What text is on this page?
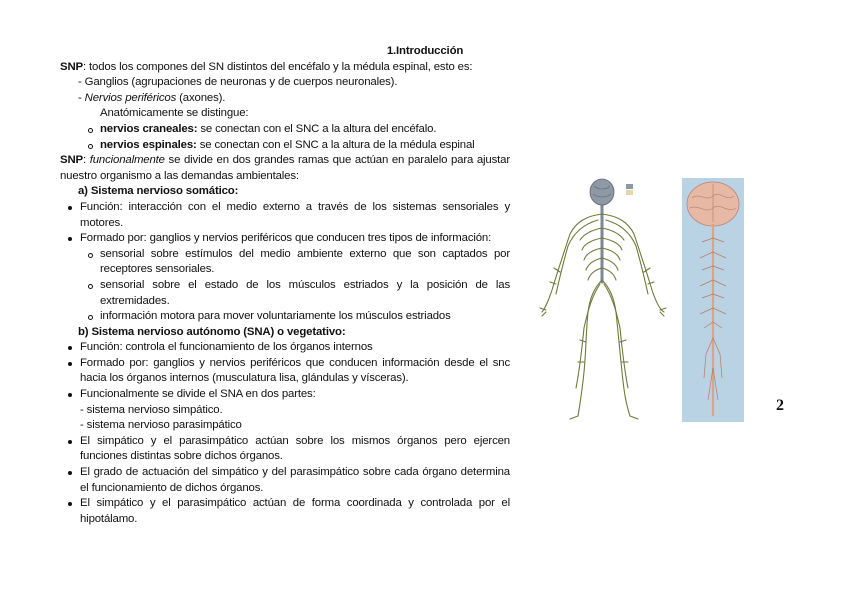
1.Introducción

SNP: todos los compones del SN distintos del encéfalo y la médula espinal, esto es:

- Ganglios (agrupaciones de neuronas y de cuerpos neuronales).

- Nervios periféricos (axones).

Anatómicamente se distingue:

nervios craneales: se conectan con el SNC a la altura del encéfalo.
nervios espinales: se conectan con el SNC a la altura de la médula espinal

SNP: funcionalmente se divide en dos grandes ramas que actúan en paralelo para ajustar nuestro organismo a las demandas ambientales:

a) Sistema nervioso somático:

Función: interacción con el medio externo a través de los sistemas sensoriales y motores.
Formado por: ganglios y nervios periféricos que conducen tres tipos de información:
sensorial sobre estímulos del medio ambiente externo que son captados por receptores sensoriales.
sensorial sobre el estado de los músculos estriados y la posición de las extremidades.
información motora para mover voluntariamente los músculos estriados

b) Sistema nervioso autónomo (SNA) o vegetativo:

Función: controla el funcionamiento de los órganos internos
Formado por: ganglios y nervios periféricos que conducen información desde el snc hacia los órganos internos (musculatura lisa, glándulas y vísceras).
Funcionalmente se divide el SNA en dos partes:
- sistema nervioso simpático.
- sistema nervioso parasimpático
El simpático y el parasimpático actúan sobre los mismos órganos pero ejercen funciones distintas sobre dichos órganos.
El grado de actuación del simpático y del parasimpático sobre cada órgano determina el funcionamiento de dichos órganos.
El simpático y el parasimpático actúan de forma coordinada y controlada por el hipotálamo.
2
